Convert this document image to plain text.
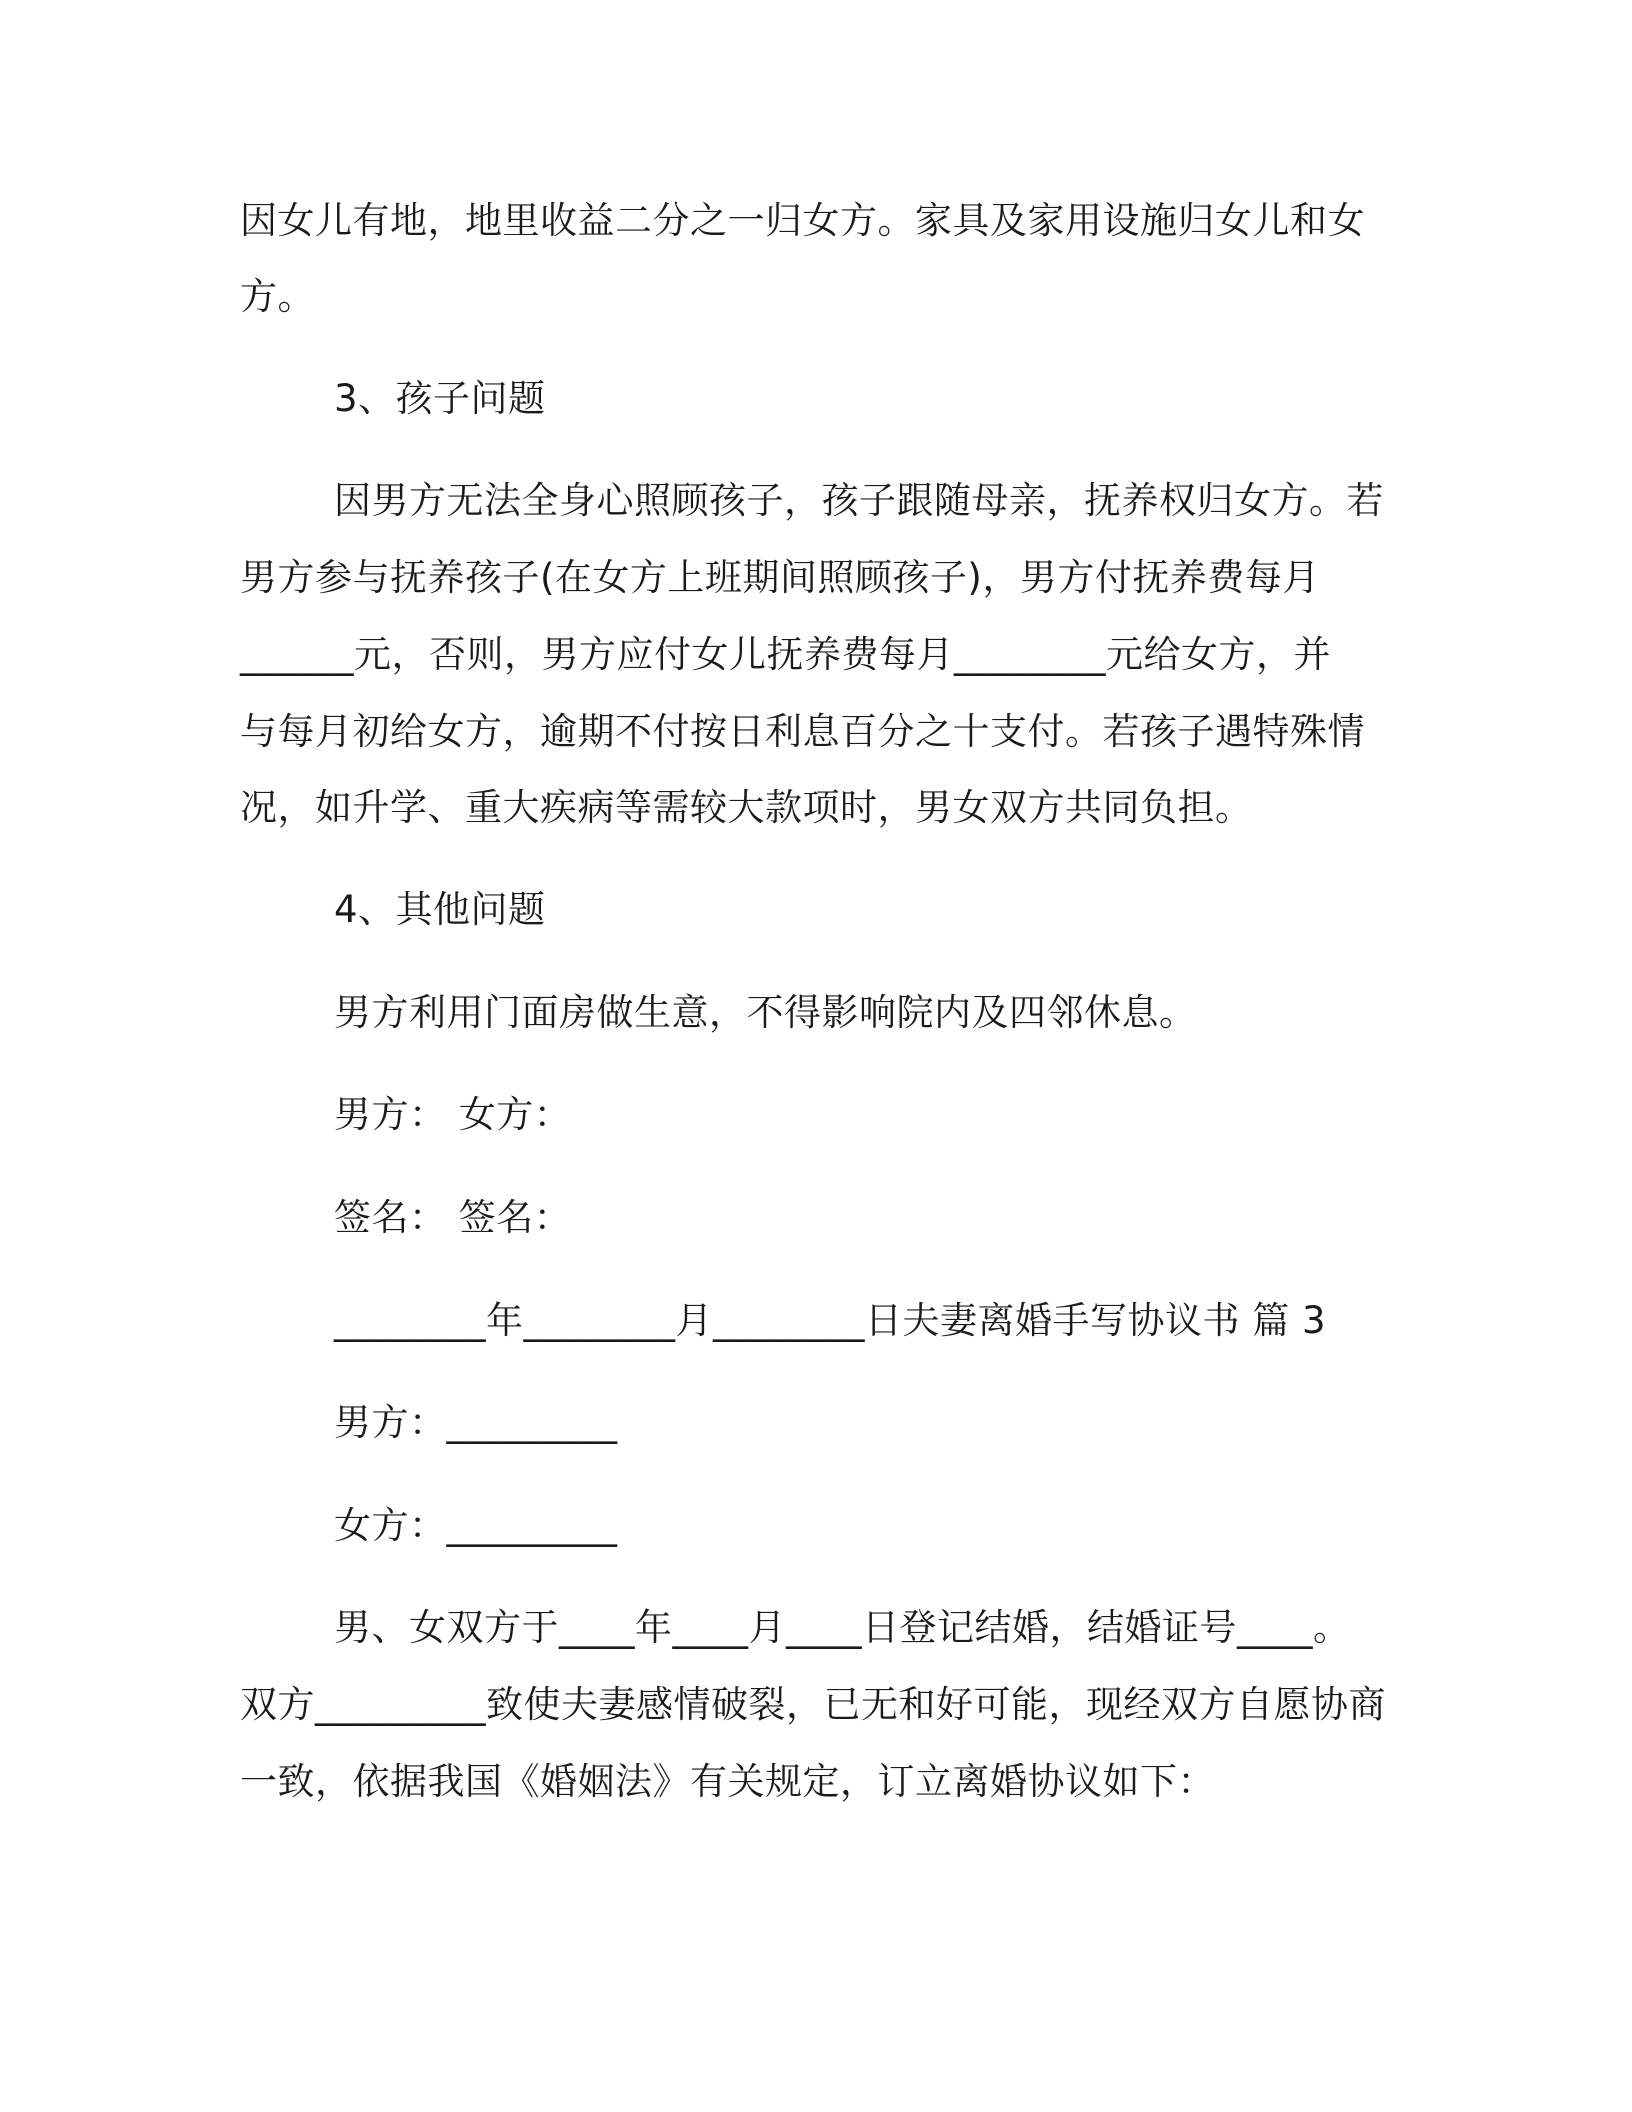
因女儿有地，地里收益二分之一归女方。家具及家用设施归女儿和女
方。
3、孩子问题
因男方无法全身心照顾孩子，孩子跟随母亲，抚养权归女方。若
男方参与抚养孩子(在女方上班期间照顾孩子)，男方付抚养费每月
______元，否则，男方应付女儿抚养费每月________元给女方，并
与每月初给女方，逾期不付按日利息百分之十支付。若孩子遇特殊情
况，如升学、重大疾病等需较大款项时，男女双方共同负担。
4、其他问题
男方利用门面房做生意，不得影响院内及四邻休息。
男方： 女方：
签名： 签名：
________年________月________日夫妻离婚手写协议书 篇 3
男方：_________
女方：_________
男、女双方于____年____月____日登记结婚，结婚证号____。
双方_________致使夫妻感情破裂，已无和好可能，现经双方自愿协商
一致，依据我国《婚姻法》有关规定，订立离婚协议如下：
